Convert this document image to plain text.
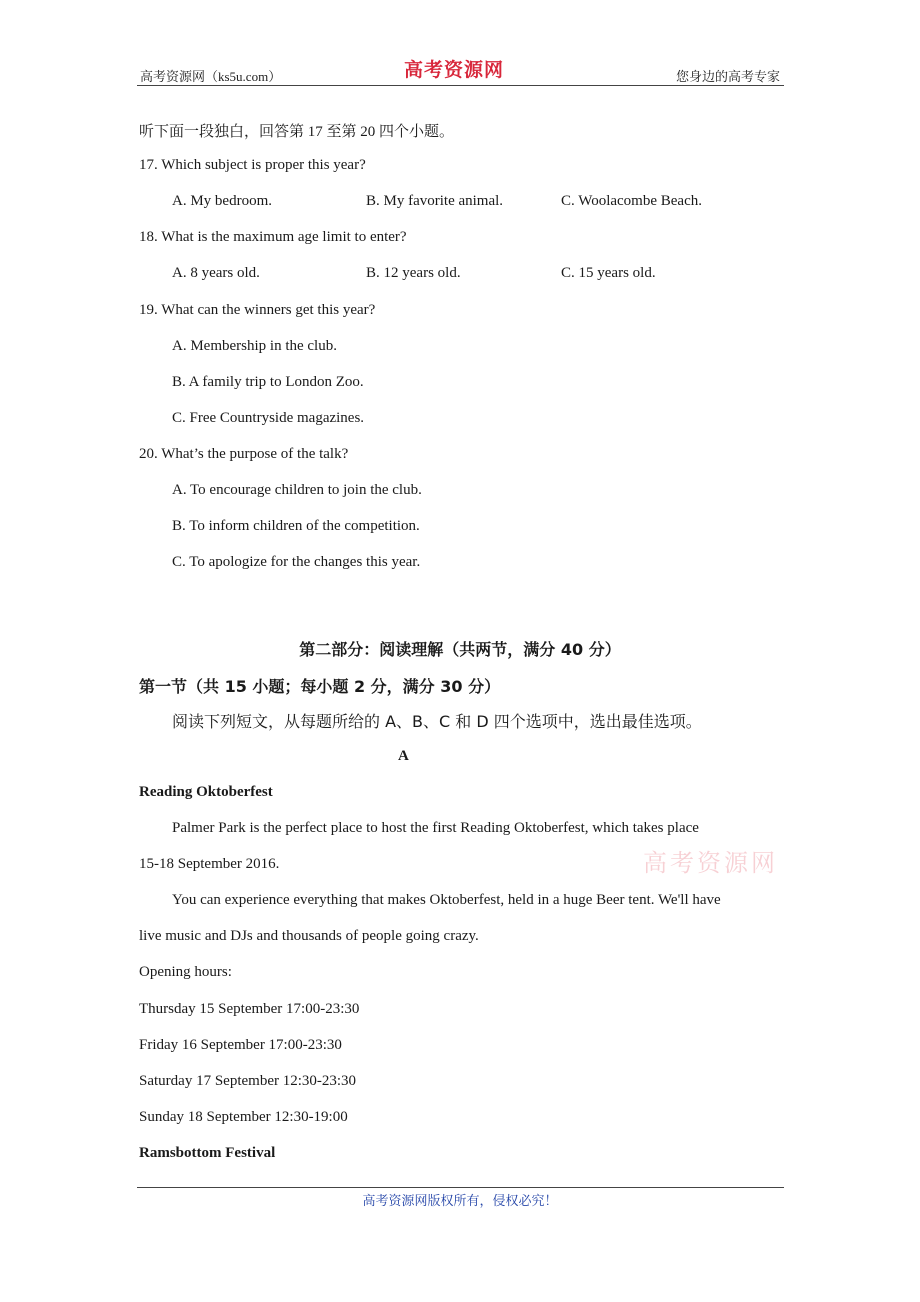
高考资源网（ks5u.com）	高考资源网	您身边的高考专家
听下面一段独白，回答第 17 至第 20 四个小题。
17. Which subject is proper this year?
A. My bedroom.	B. My favorite animal.	C. Woolacombe Beach.
18. What is the maximum age limit to enter?
A. 8 years old.	B. 12 years old.	C. 15 years old.
19. What can the winners get this year?
A. Membership in the club.
B. A family trip to London Zoo.
C. Free Countryside magazines.
20. What’s the purpose of the talk?
A. To encourage children to join the club.
B. To inform children of the competition.
C. To apologize for the changes this year.
第二部分：阅读理解（共两节，满分 40 分）
第一节（共 15 小题；每小题 2 分，满分 30 分）
阅读下列短文，从每题所给的 A、B、C 和 D 四个选项中，选出最佳选项。
A
Reading Oktoberfest
Palmer Park is the perfect place to host the first Reading Oktoberfest, which takes place
15-18 September 2016.	高考资源网
You can experience everything that makes Oktoberfest, held in a huge Beer tent. We'll have
live music and DJs and thousands of people going crazy.
Opening hours:
Thursday 15 September 17:00-23:30
Friday 16 September 17:00-23:30
Saturday 17 September 12:30-23:30
Sunday 18 September 12:30-19:00
Ramsbottom Festival
高考资源网版权所有，侵权必究！
